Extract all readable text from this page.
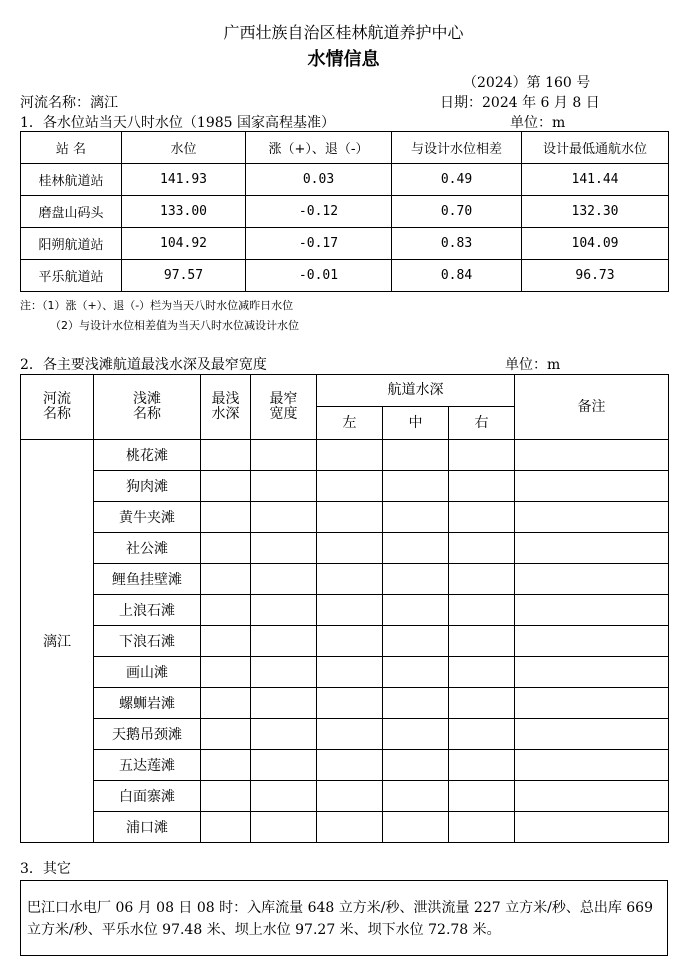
广西壮族自治区桂林航道养护中心
水情信息
（2024）第 160 号
河流名称：漓江	日期：2024 年 6 月 8 日
1．各水位站当天八时水位（1985 国家高程基准）	单位：m
站 名	水位	涨（+）、退（-）	与设计水位相差	设计最低通航水位
桂林航道站	141.93	0.03	0.49	141.44
磨盘山码头	133.00	-0.12	0.70	132.30
阳朔航道站	104.92	-0.17	0.83	104.09
平乐航道站	97.57	-0.01	0.84	96.73
注：（1）涨（+）、退（-）栏为当天八时水位减昨日水位
（2）与设计水位相差值为当天八时水位减设计水位
2．各主要浅滩航道最浅水深及最窄宽度	单位：m
河流名称	浅滩名称	最浅水深	最窄宽度	航道水深			备注
				左	中	右	
漓江	桃花滩						
	狗肉滩						
	黄牛夹滩						
	社公滩						
	鲤鱼挂壁滩						
	上浪石滩						
	下浪石滩						
	画山滩						
	螺蛳岩滩						
	天鹅吊颈滩						
	五达莲滩						
	白面寨滩						
	浦口滩						
3．其它

巴江口水电厂 06 月 08 日 08 时：入库流量 648 立方米/秒、泄洪流量 227 立方米/秒、总出库 669 立方米/秒、平乐水位 97.48 米、坝上水位 97.27 米、坝下水位 72.78 米。
